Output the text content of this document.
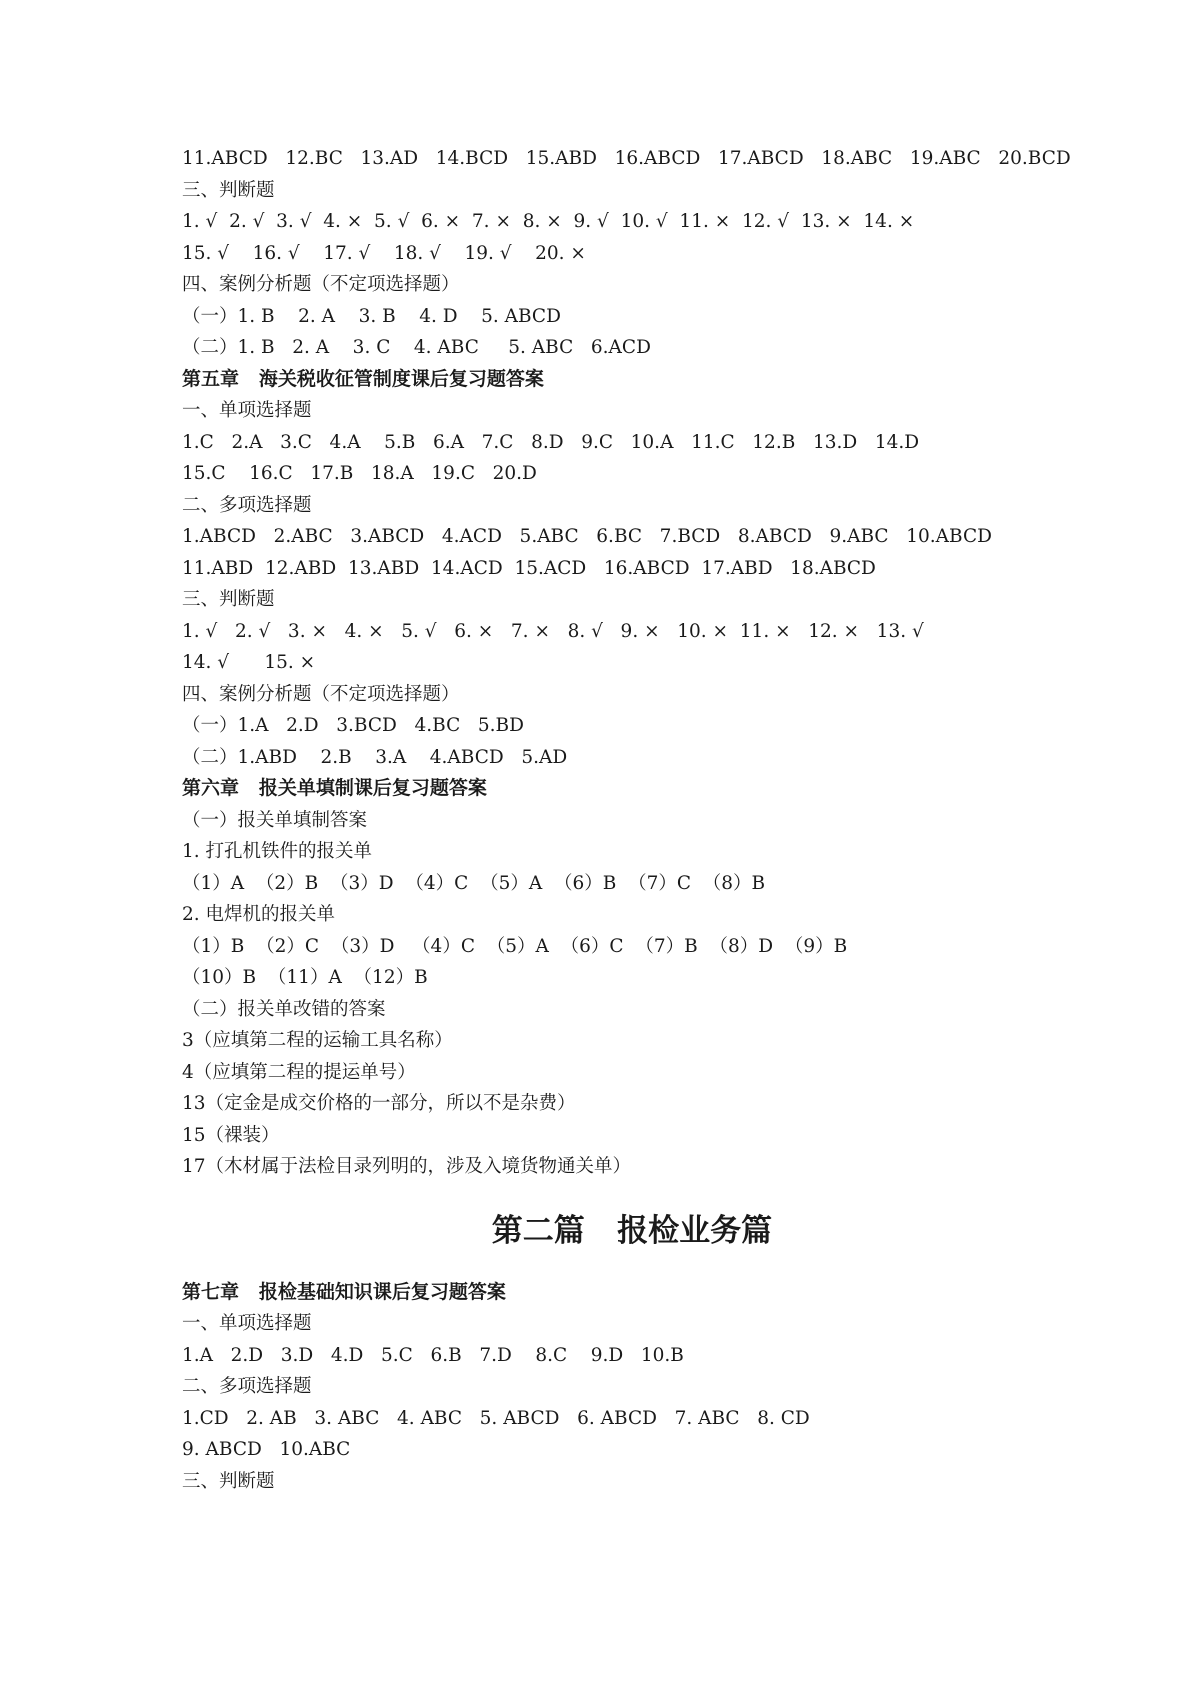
11.ABCD   12.BC   13.AD   14.BCD   15.ABD   16.ABCD   17.ABCD   18.ABC   19.ABC   20.BCD
三、判断题
1. √  2. √  3. √  4. ×  5. √  6. ×  7. ×  8. ×  9. √  10. √  11. ×  12. √  13. ×  14. ×
15. √    16. √    17. √    18. √    19. √    20. ×
四、案例分析题（不定项选择题）
（一）1. B    2. A    3. B    4. D    5. ABCD
（二）1. B   2. A    3. C    4. ABC     5. ABC   6.ACD
第五章   海关税收征管制度课后复习题答案
一、单项选择题
1.C   2.A   3.C   4.A    5.B   6.A   7.C   8.D   9.C   10.A   11.C   12.B   13.D   14.D
15.C    16.C   17.B   18.A   19.C   20.D
二、多项选择题
1.ABCD   2.ABC   3.ABCD   4.ACD   5.ABC   6.BC   7.BCD   8.ABCD   9.ABC   10.ABCD
11.ABD  12.ABD  13.ABD  14.ACD  15.ACD   16.ABCD  17.ABD   18.ABCD
三、判断题
1. √   2. √   3. ×   4. ×   5. √   6. ×   7. ×   8. √   9. ×   10. ×  11. ×   12. ×   13. √
14. √      15. ×
四、案例分析题（不定项选择题）
（一）1.A   2.D   3.BCD   4.BC   5.BD
（二）1.ABD    2.B    3.A    4.ABCD   5.AD
第六章   报关单填制课后复习题答案
（一）报关单填制答案
1. 打孔机铁件的报关单
（1）A  （2）B  （3）D  （4）C  （5）A  （6）B  （7）C  （8）B
2. 电焊机的报关单
（1）B  （2）C  （3）D   （4）C  （5）A  （6）C  （7）B  （8）D  （9）B
（10）B  （11）A  （12）B
（二）报关单改错的答案
3（应填第二程的运输工具名称）
4（应填第二程的提运单号）
13（定金是成交价格的一部分，所以不是杂费）
15（裸装）
17（木材属于法检目录列明的，涉及入境货物通关单）
第二篇   报检业务篇
第七章   报检基础知识课后复习题答案
一、单项选择题
1.A   2.D   3.D   4.D   5.C   6.B   7.D    8.C    9.D   10.B
二、多项选择题
1.CD   2. AB   3. ABC   4. ABC   5. ABCD   6. ABCD   7. ABC   8. CD
9. ABCD   10.ABC
三、判断题
